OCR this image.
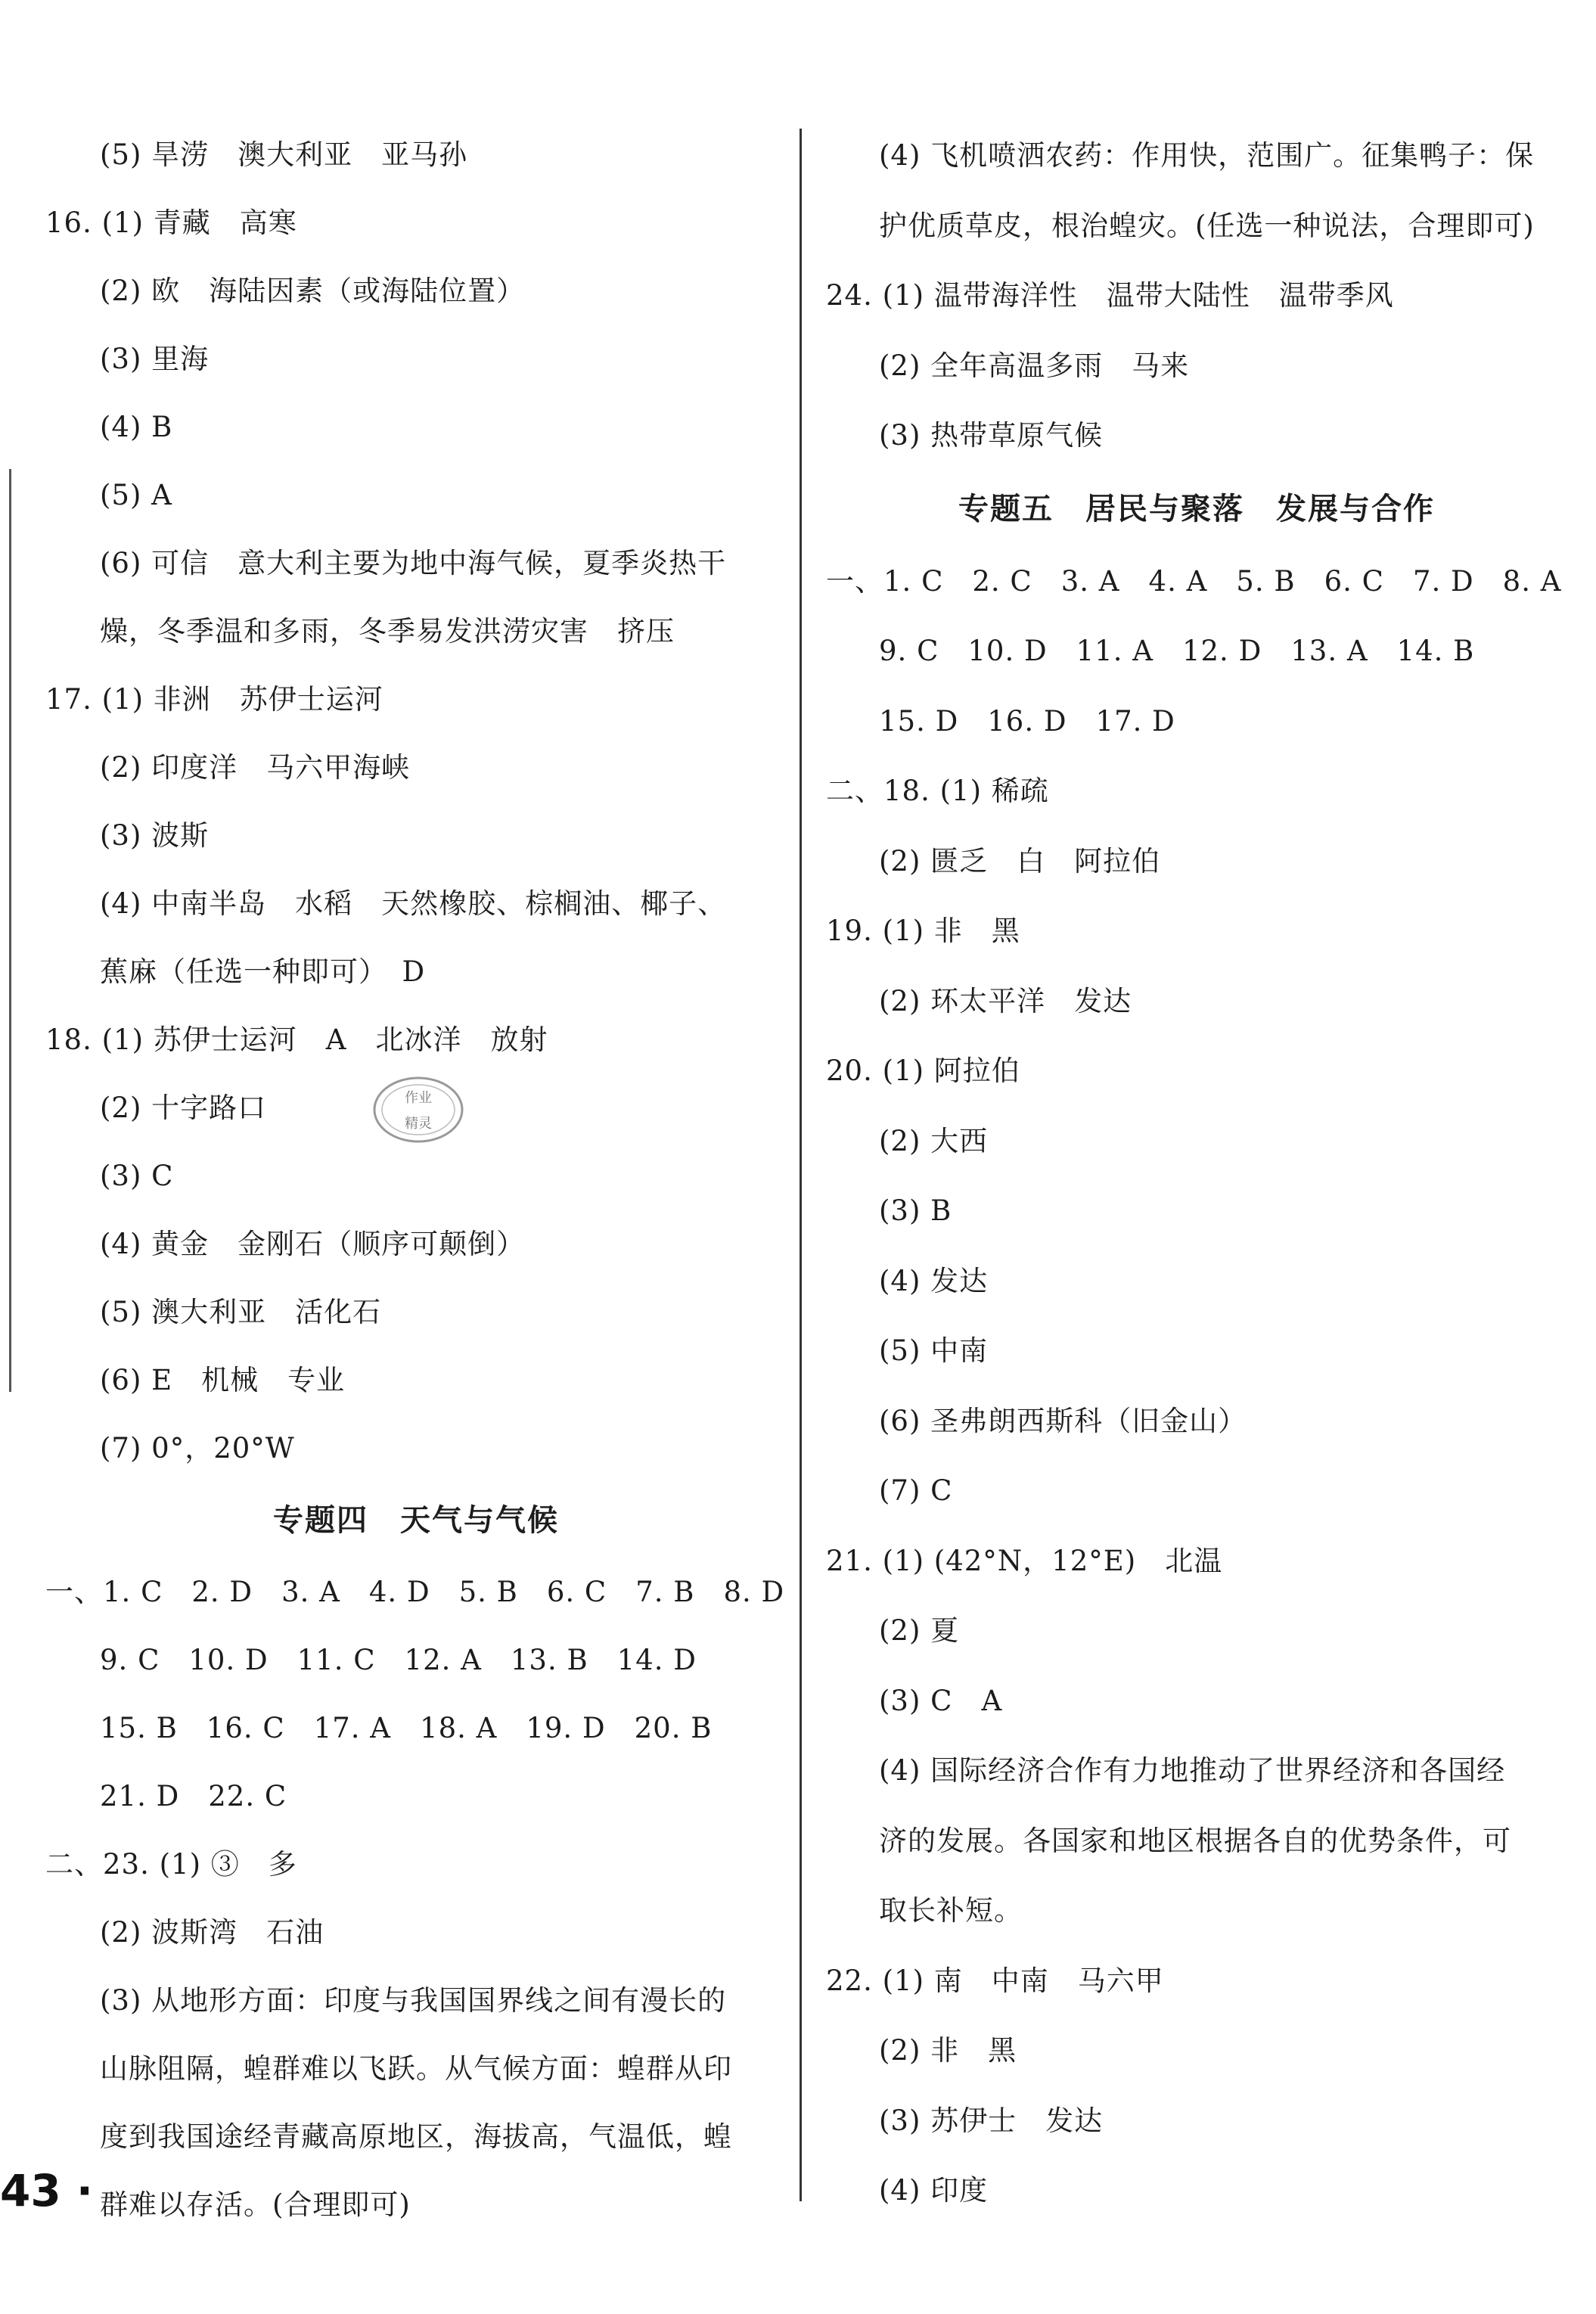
(5) 旱涝　澳大利亚　亚马孙
16. (1) 青藏　高寒
(2) 欧　海陆因素（或海陆位置）
(3) 里海
(4) B
(5) A
(6) 可信　意大利主要为地中海气候，夏季炎热干
燥，冬季温和多雨，冬季易发洪涝灾害　挤压
17. (1) 非洲　苏伊士运河
(2) 印度洋　马六甲海峡
(3) 波斯
(4) 中南半岛　水稻　天然橡胶、棕榈油、椰子、
蕉麻（任选一种即可）　D
18. (1) 苏伊士运河　A　北冰洋　放射
(2) 十字路口
(3) C
(4) 黄金　金刚石（顺序可颠倒）
(5) 澳大利亚　活化石
(6) E　机械　专业
(7) 0°，20°W
专题四　天气与气候
一、1. C　2. D　3. A　4. D　5. B　6. C　7. B　8. D
9. C　10. D　11. C　12. A　13. B　14. D
15. B　16. C　17. A　18. A　19. D　20. B
21. D　22. C
二、23. (1) ③　多
(2) 波斯湾　石油
(3) 从地形方面：印度与我国国界线之间有漫长的
山脉阻隔，蝗群难以飞跃。从气候方面：蝗群从印
度到我国途经青藏高原地区，海拔高，气温低，蝗
群难以存活。(合理即可)
作业
精灵
(4) 飞机喷洒农药：作用快，范围广。征集鸭子：保
护优质草皮，根治蝗灾。(任选一种说法，合理即可)
24. (1) 温带海洋性　温带大陆性　温带季风
(2) 全年高温多雨　马来
(3) 热带草原气候
专题五　居民与聚落　发展与合作
一、1. C　2. C　3. A　4. A　5. B　6. C　7. D　8. A
9. C　10. D　11. A　12. D　13. A　14. B
15. D　16. D　17. D
二、18. (1) 稀疏
(2) 匮乏　白　阿拉伯
19. (1) 非　黑
(2) 环太平洋　发达
20. (1) 阿拉伯
(2) 大西
(3) B
(4) 发达
(5) 中南
(6) 圣弗朗西斯科（旧金山）
(7) C
21. (1) (42°N，12°E)　北温
(2) 夏
(3) C　A
(4) 国际经济合作有力地推动了世界经济和各国经
济的发展。各国家和地区根据各自的优势条件，可
取长补短。
22. (1) 南　中南　马六甲
(2) 非　黑
(3) 苏伊士　发达
(4) 印度
43 ·
